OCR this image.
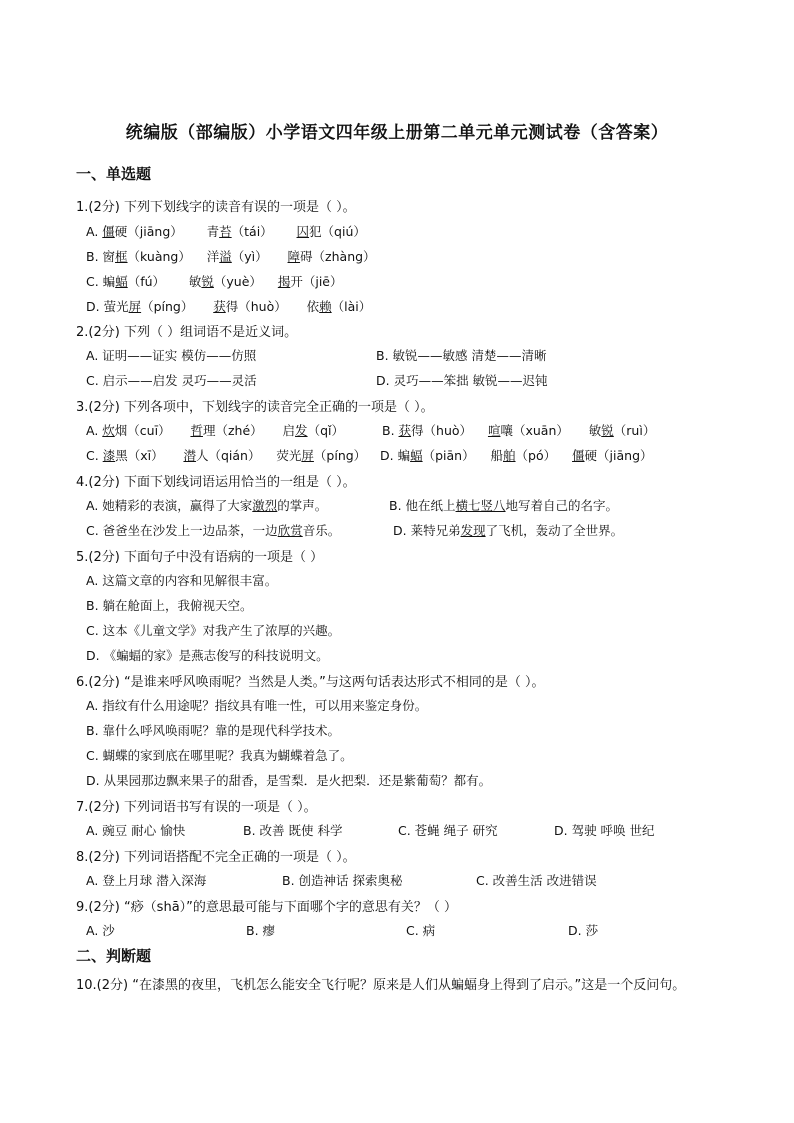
统编版（部编版）小学语文四年级上册第二单元单元测试卷（含答案）
一、单选题
1.(2分) 下列下划线字的读音有误的一项是（ ）。
A. 僵硬（jiāng） 青苔（tái） 囚犯（qiú）
B. 窗框（kuàng） 洋溢（yì） 障碍（zhàng）
C. 蝙蝠（fú） 敏锐（yuè） 揭开（jiē）
D. 萤光屏（píng） 获得（huò） 依赖（lài）
2.(2分) 下列（ ）组词语不是近义词。
A. 证明——证实 模仿——仿照	B. 敏锐——敏感 清楚——清晰
C. 启示——启发 灵巧——灵活	D. 灵巧——笨拙 敏锐——迟钝
3.(2分) 下列各项中，下划线字的读音完全正确的一项是（ ）。
A. 炊烟（cuī） 哲理（zhé） 启发（qǐ）	B. 获得（huò） 喧嚷（xuān） 敏锐（ruì）
C. 漆黑（xī） 潜人（qián） 荧光屏（píng） D. 蝙蝠（piān） 船舶（pó） 僵硬（jiāng）
4.(2分) 下面下划线词语运用恰当的一组是（ ）。
A. 她精彩的表演，赢得了大家激烈的掌声。	B. 他在纸上横七竖八地写着自己的名字。
C. 爸爸坐在沙发上一边品茶，一边欣赏音乐。	D. 莱特兄弟发现了飞机，轰动了全世界。
5.(2分) 下面句子中没有语病的一项是（ ）
A. 这篇文章的内容和见解很丰富。
B. 躺在舱面上，我俯视天空。
C. 这本《儿童文学》对我产生了浓厚的兴趣。
D. 《蝙蝠的家》是燕志俊写的科技说明文。
6.(2分) “是谁来呼风唤雨呢？当然是人类。”与这两句话表达形式不相同的是（ ）。
A. 指纹有什么用途呢？指纹具有唯一性，可以用来鉴定身份。
B. 靠什么呼风唤雨呢？靠的是现代科学技术。
C. 蝴蝶的家到底在哪里呢？我真为蝴蝶着急了。
D. 从果园那边飘来果子的甜香，是雪梨．是火把梨．还是紫葡萄？都有。
7.(2分) 下列词语书写有误的一项是（ ）。
A. 豌豆 耐心 愉快	B. 改善 既使 科学	C. 苍蝇 绳子 研究	D. 驾驶 呼唤 世纪
8.(2分) 下列词语搭配不完全正确的一项是（ ）。
A. 登上月球 潜入深海	B. 创造神话 探索奥秘	C. 改善生活 改进错误
9.(2分) “痧（shā）”的意思最可能与下面哪个字的意思有关？（ ）
A. 沙	B. 瘳	C. 病	D. 莎
二、判断题
10.(2分) “在漆黑的夜里，飞机怎么能安全飞行呢？原来是人们从蝙蝠身上得到了启示。”这是一个反问句。
